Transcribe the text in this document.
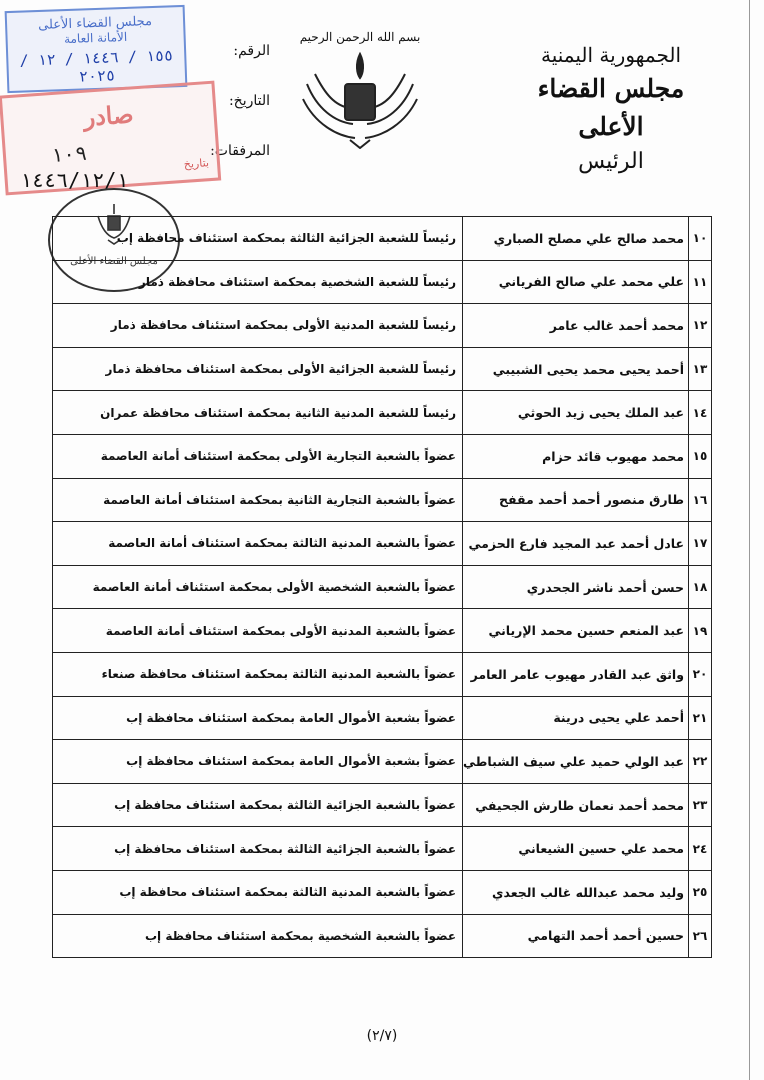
الجمهورية اليمنية
مجلس القضاء الأعلى
الرئيس
بسم الله الرحمن الرحيم
الرقم:
التاريخ:
المرفقات:
مجلس القضاء الأعلى
الأمانة العامة
١٥٥ / ١٤٤٦ / ١٢ / ٢٠٢٥
صادر
١٠٩	بتاريخ
١٤٤٦/١٢/١
مجلس القضاء الأعلى
١٠	محمد صالح علي مصلح الصباري	رئيساً للشعبة الجزائية الثالثة بمحكمة استئناف محافظة إب
١١	علي محمد علي صالح الفرياني	رئيساً للشعبة الشخصية بمحكمة استئناف محافظة ذمار
١٢	محمد أحمد غالب عامر	رئيساً للشعبة المدنية الأولى بمحكمة استئناف محافظة ذمار
١٣	أحمد يحيى محمد يحيى الشبيبي	رئيساً للشعبة الجزائية الأولى بمحكمة استئناف محافظة ذمار
١٤	عبد الملك يحيى زيد الحوثي	رئيساً للشعبة المدنية الثانية بمحكمة استئناف محافظة عمران
١٥	محمد مهيوب قائد حزام	عضواً بالشعبة التجارية الأولى بمحكمة استئناف أمانة العاصمة
١٦	طارق منصور أحمد أحمد مقفح	عضواً بالشعبة التجارية الثانية بمحكمة استئناف أمانة العاصمة
١٧	عادل أحمد عبد المجيد فارع الحزمي	عضواً بالشعبة المدنية الثالثة بمحكمة استئناف أمانة العاصمة
١٨	حسن أحمد ناشر الجحدري	عضواً بالشعبة الشخصية الأولى بمحكمة استئناف أمانة العاصمة
١٩	عبد المنعم حسين محمد الإرياني	عضواً بالشعبة المدنية الأولى بمحكمة استئناف أمانة العاصمة
٢٠	واثق عبد القادر مهيوب عامر العامر	عضواً بالشعبة المدنية الثالثة بمحكمة استئناف محافظة صنعاء
٢١	أحمد علي يحيى درينة	عضواً بشعبة الأموال العامة بمحكمة استئناف محافظة إب
٢٢	عبد الولي حميد علي سيف الشباطي	عضواً بشعبة الأموال العامة بمحكمة استئناف محافظة إب
٢٣	محمد أحمد نعمان طارش الجحيفي	عضواً بالشعبة الجزائية الثالثة بمحكمة استئناف محافظة إب
٢٤	محمد علي حسين الشيعاني	عضواً بالشعبة الجزائية الثالثة بمحكمة استئناف محافظة إب
٢٥	وليد محمد عبدالله غالب الجعدي	عضواً بالشعبة المدنية الثالثة بمحكمة استئناف محافظة إب
٢٦	حسين أحمد أحمد التهامي	عضواً بالشعبة الشخصية بمحكمة استئناف محافظة إب
(٢/٧)
